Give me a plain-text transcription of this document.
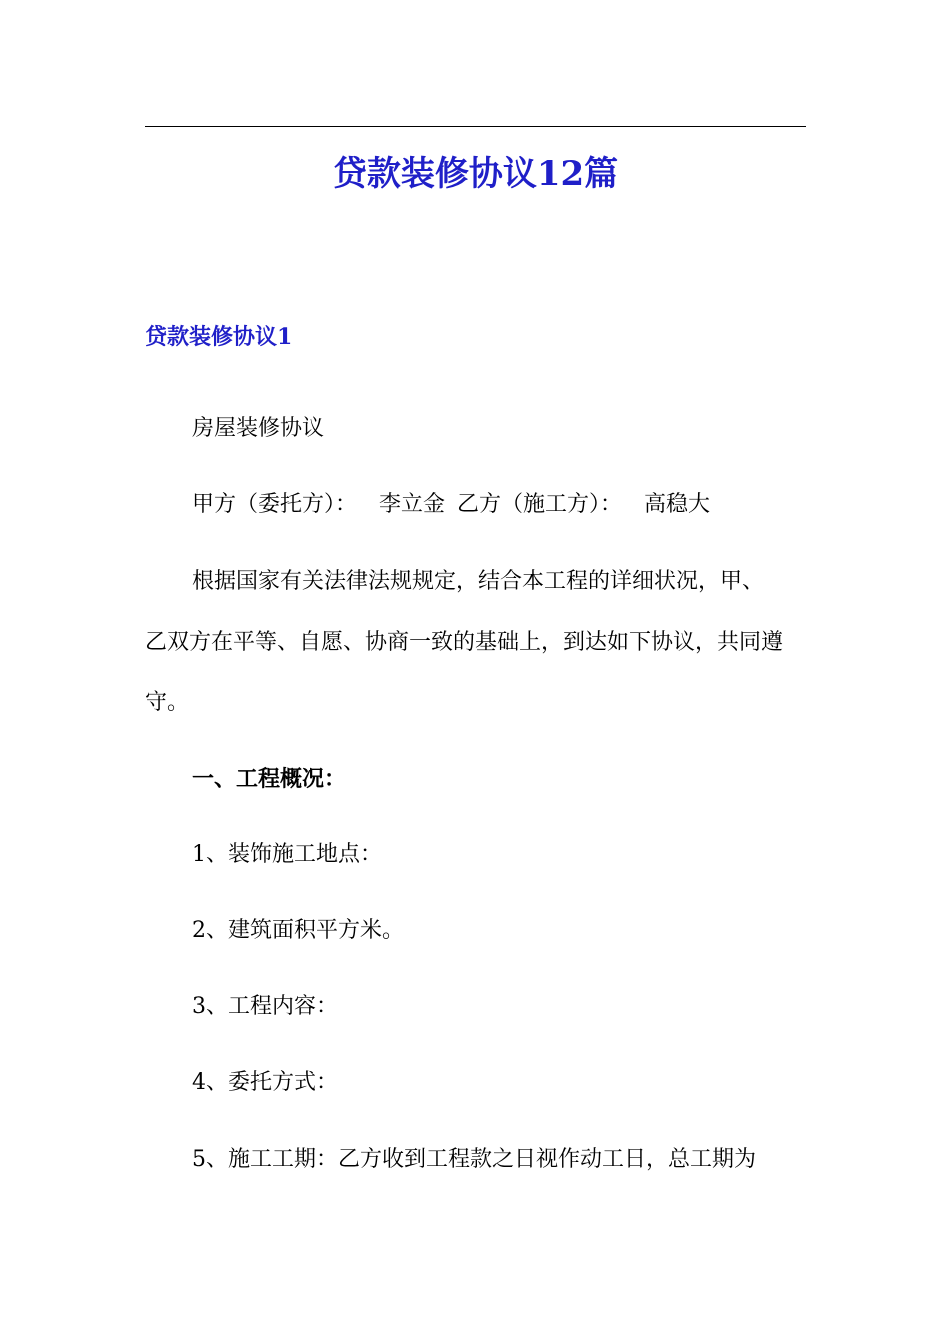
贷款装修协议12篇
贷款装修协议1
房屋装修协议
甲方（委托方）： 李立金 乙方（施工方）： 高稳大
根据国家有关法律法规规定，结合本工程的详细状况，甲、
乙双方在平等、自愿、协商一致的基础上，到达如下协议，共同遵
守。
一、工程概况：
1、装饰施工地点：
2、建筑面积平方米。
3、工程内容：
4、委托方式：
5、施工工期：乙方收到工程款之日视作动工日，总工期为
